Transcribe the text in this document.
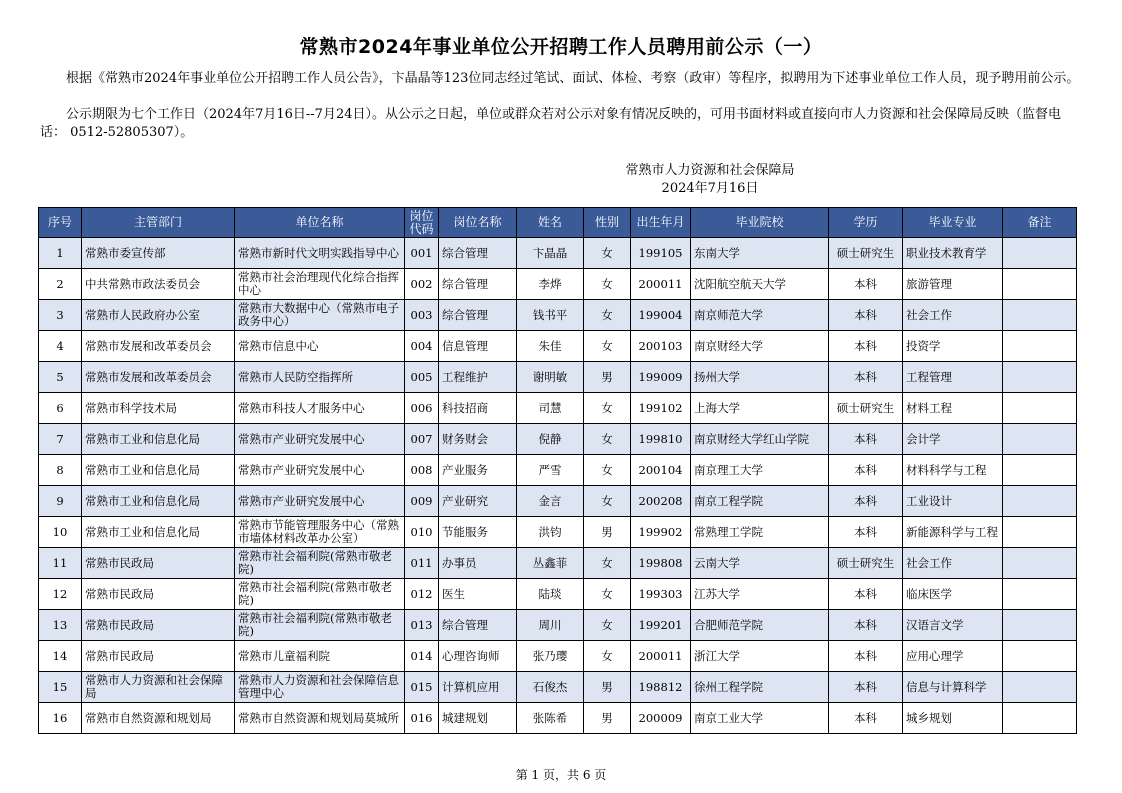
常熟市2024年事业单位公开招聘工作人员聘用前公示（一）
根据《常熟市2024年事业单位公开招聘工作人员公告》，卞晶晶等123位同志经过笔试、面试、体检、考察（政审）等程序，拟聘用为下述事业单位工作人员，现予聘用前公示。
公示期限为七个工作日（2024年7月16日--7月24日）。从公示之日起，单位或群众若对公示对象有情况反映的，可用书面材料或直接向市人力资源和社会保障局反映（监督电话： 0512-52805307）。
常熟市人力资源和社会保障局
2024年7月16日
序号	主管部门	单位名称	岗位代码	岗位名称	姓名	性别	出生年月	毕业院校	学历	毕业专业	备注
1	常熟市委宣传部	常熟市新时代文明实践指导中心	001	综合管理	卞晶晶	女	199105	东南大学	硕士研究生	职业技术教育学	
2	中共常熟市政法委员会	常熟市社会治理现代化综合指挥中心	002	综合管理	李烨	女	200011	沈阳航空航天大学	本科	旅游管理	
3	常熟市人民政府办公室	常熟市大数据中心（常熟市电子政务中心）	003	综合管理	钱书平	女	199004	南京师范大学	本科	社会工作	
4	常熟市发展和改革委员会	常熟市信息中心	004	信息管理	朱佳	女	200103	南京财经大学	本科	投资学	
5	常熟市发展和改革委员会	常熟市人民防空指挥所	005	工程维护	谢明敏	男	199009	扬州大学	本科	工程管理	
6	常熟市科学技术局	常熟市科技人才服务中心	006	科技招商	司慧	女	199102	上海大学	硕士研究生	材料工程	
7	常熟市工业和信息化局	常熟市产业研究发展中心	007	财务财会	倪静	女	199810	南京财经大学红山学院	本科	会计学	
8	常熟市工业和信息化局	常熟市产业研究发展中心	008	产业服务	严雪	女	200104	南京理工大学	本科	材料科学与工程	
9	常熟市工业和信息化局	常熟市产业研究发展中心	009	产业研究	金言	女	200208	南京工程学院	本科	工业设计	
10	常熟市工业和信息化局	常熟市节能管理服务中心（常熟市墙体材料改革办公室）	010	节能服务	洪钧	男	199902	常熟理工学院	本科	新能源科学与工程	
11	常熟市民政局	常熟市社会福利院(常熟市敬老院)	011	办事员	丛鑫菲	女	199808	云南大学	硕士研究生	社会工作	
12	常熟市民政局	常熟市社会福利院(常熟市敬老院)	012	医生	陆琰	女	199303	江苏大学	本科	临床医学	
13	常熟市民政局	常熟市社会福利院(常熟市敬老院)	013	综合管理	周川	女	199201	合肥师范学院	本科	汉语言文学	
14	常熟市民政局	常熟市儿童福利院	014	心理咨询师	张乃璎	女	200011	浙江大学	本科	应用心理学	
15	常熟市人力资源和社会保障局	常熟市人力资源和社会保障信息管理中心	015	计算机应用	石俊杰	男	198812	徐州工程学院	本科	信息与计算科学	
16	常熟市自然资源和规划局	常熟市自然资源和规划局莫城所	016	城建规划	张陈希	男	200009	南京工业大学	本科	城乡规划	
第 1 页，共 6 页
